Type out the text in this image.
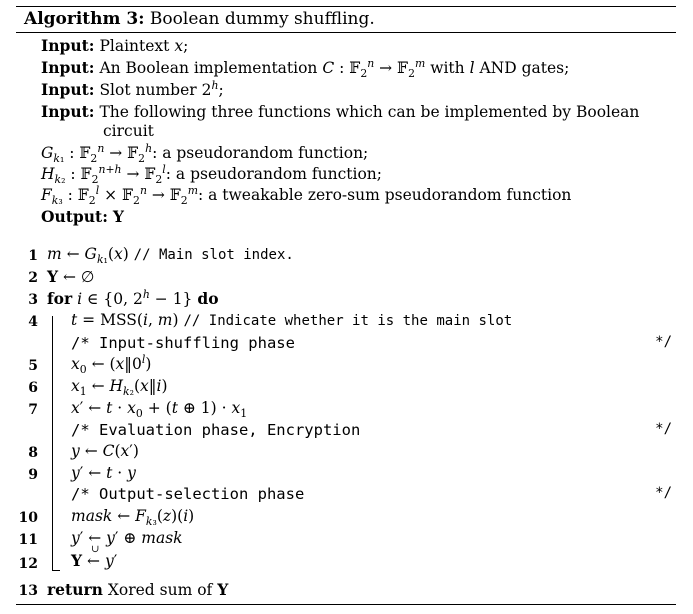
Algorithm 3: Boolean dummy shuffling.
Input: Plaintext x;
Input: An Boolean implementation C : 𝔽$_2^n$ → 𝔽$_2^m$ with l AND gates;
Input: Slot number 2$^h$;
Input: The following three functions which can be implemented by Boolean
circuit
$G_{k_1}$ : 𝔽$_2^n$ → 𝔽$_2^h$: a pseudorandom function;
$H_{k_2}$ : 𝔽$_2^{n+h}$ → 𝔽$_2^l$: a pseudorandom function;
$F_{k_3}$ : 𝔽$_2^l$ × 𝔽$_2^n$ → 𝔽$_2^m$: a tweakable zero-sum pseudorandom function
Output: Y
1 m ← $G_{k_1}(x)$ // Main slot index.
2 Y ← ∅
3 for i ∈ {0, $2^h - 1$} do
4 t = MSS(i, m) // Indicate whether it is the main slot
/* Input-shuffling phase	*/
5 $x_0$ ← (x‖0$^l$)
6 $x_1$ ← $H_{k_2}(x‖i)$
7 x′ ← $t \cdot x_0 + (t$ ⊕ $1) \cdot x_1$
/* Evaluation phase, Encryption	*/
8 y ← C(x′)
9 y′ ← t · y
/* Output-selection phase	*/
10 mask ← $F_{k_3}(z)(i)$
11 y′ ← y′ ⊕ mask
12 Y ←
∪
y′
13 return Xored sum of Y
